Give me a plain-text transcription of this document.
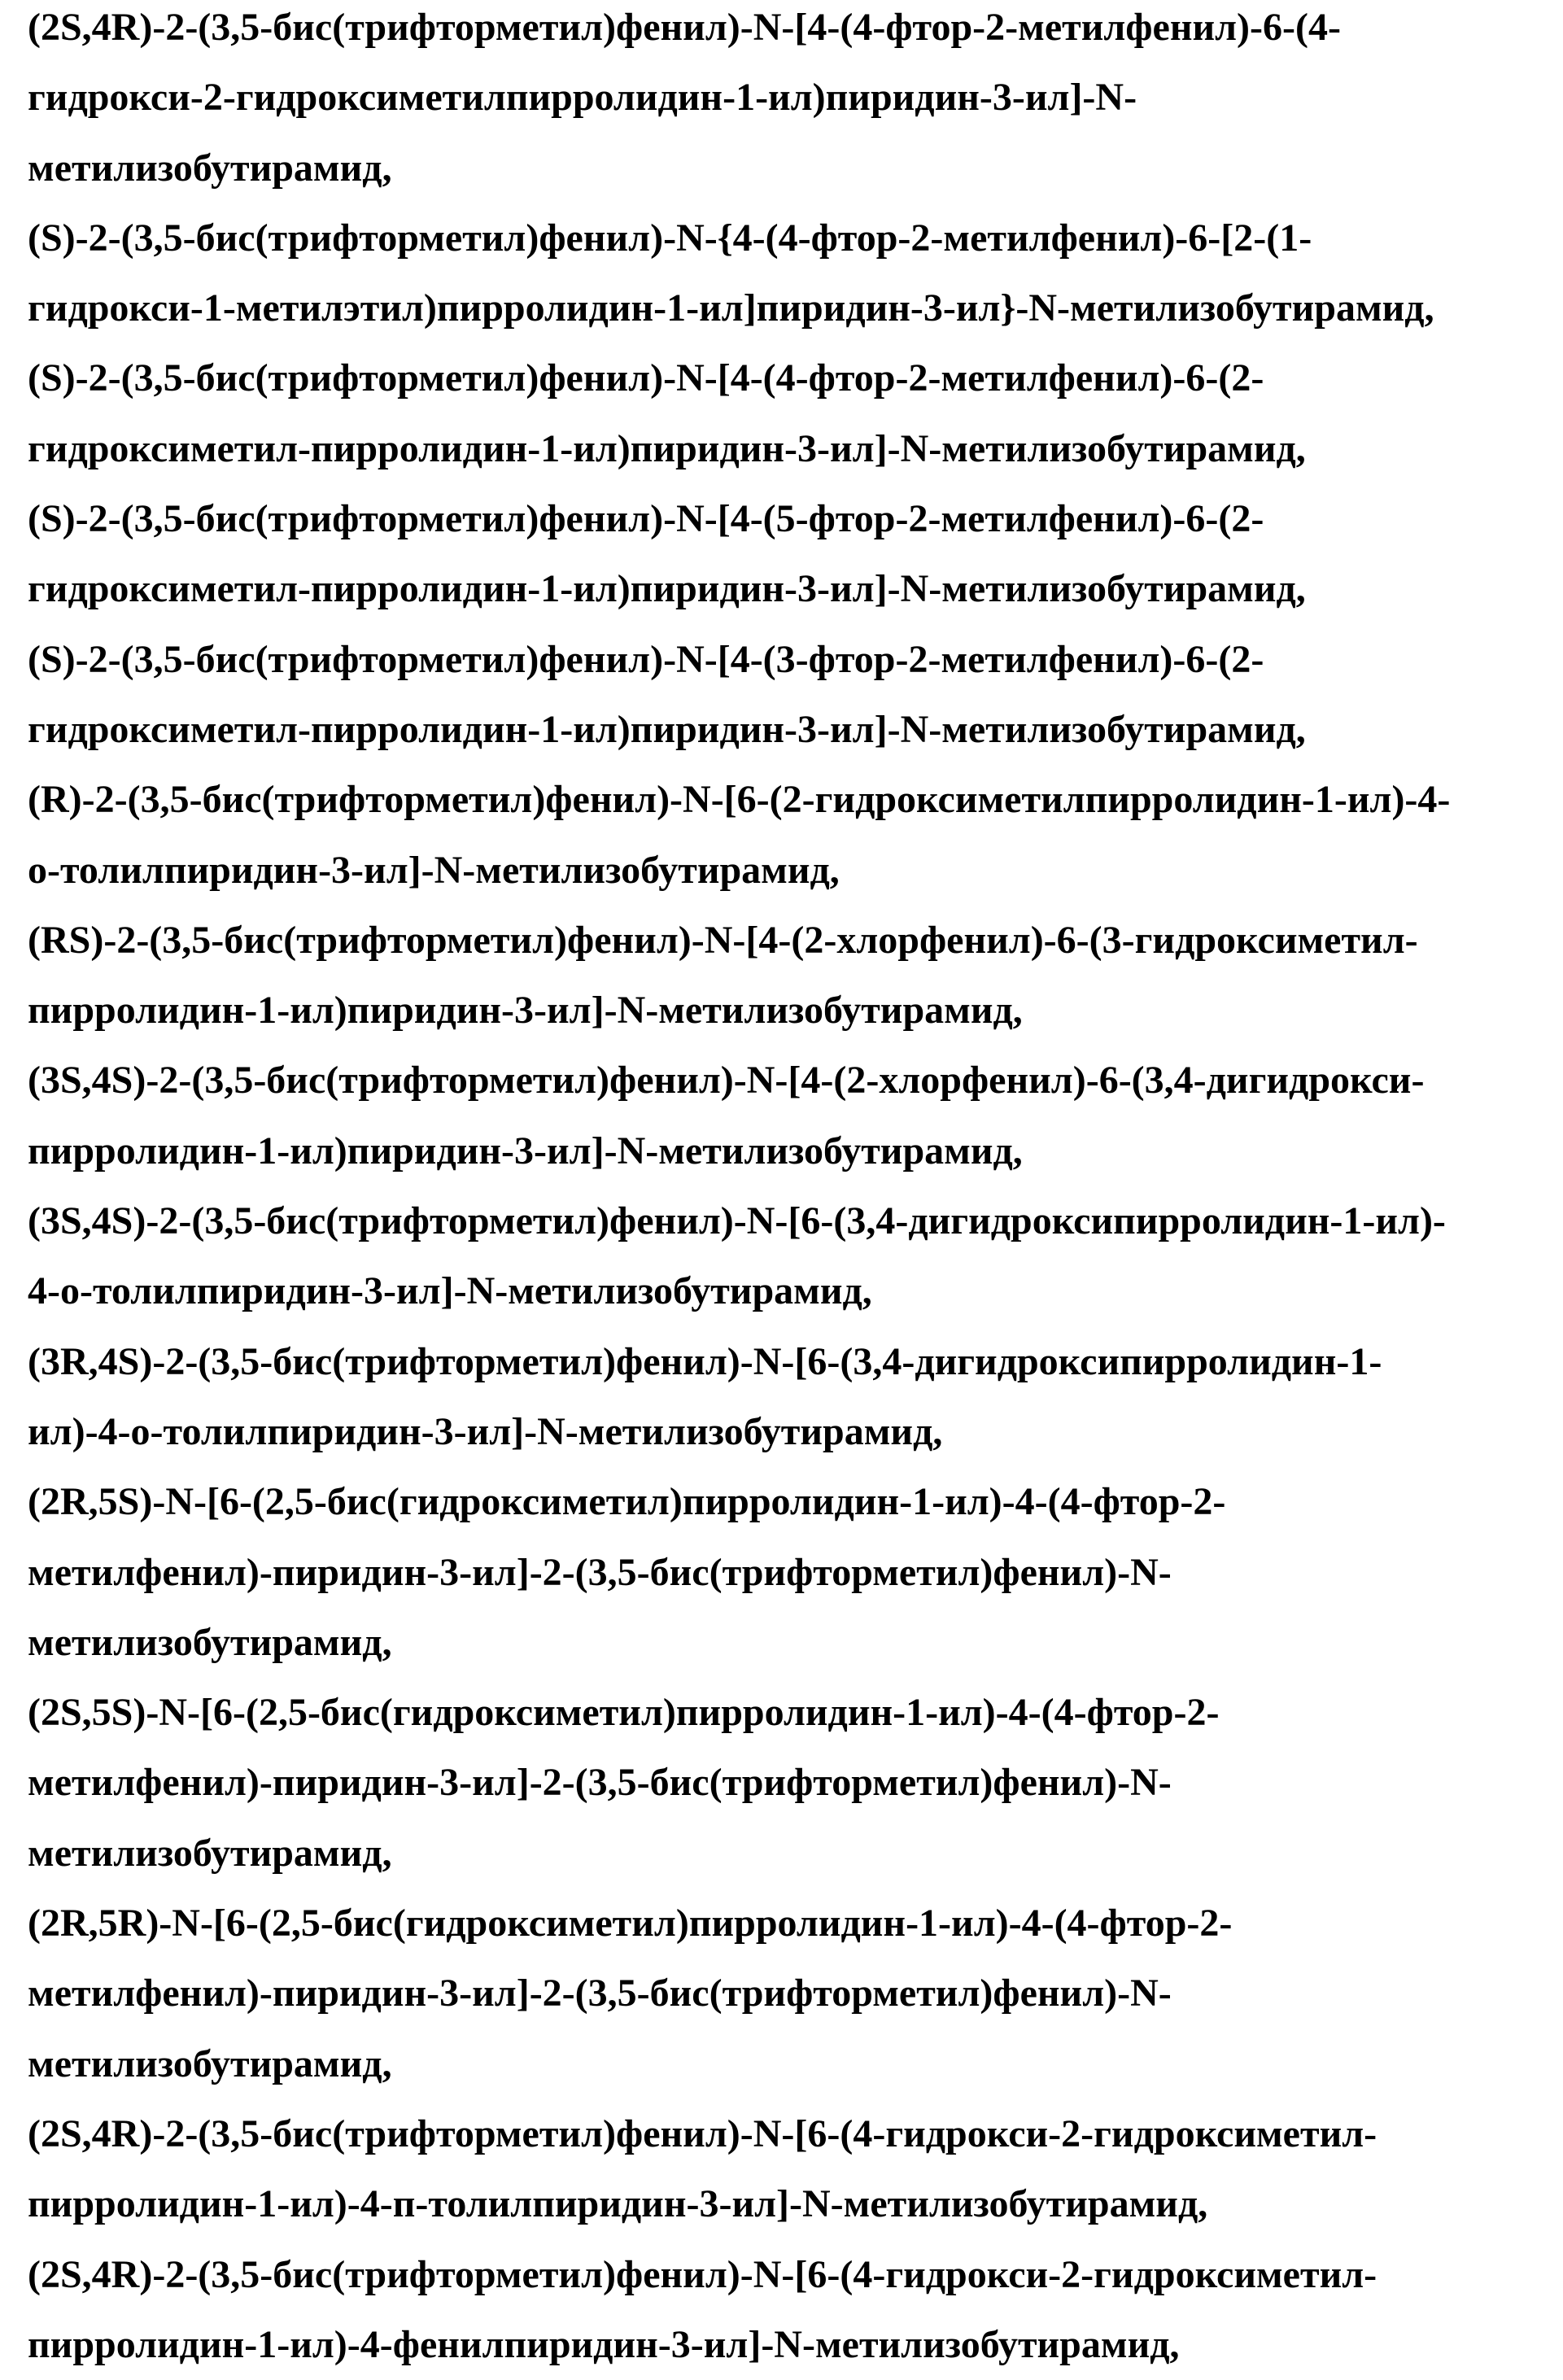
(2S,4R)-2-(3,5-бис(трифторметил)фенил)-N-[4-(4-фтор-2-метилфенил)-6-(4-
гидрокси-2-гидроксиметилпирролидин-1-ил)пиридин-3-ил]-N-
метилизобутирамид,
(S)-2-(3,5-бис(трифторметил)фенил)-N-{4-(4-фтор-2-метилфенил)-6-[2-(1-
гидрокси-1-метилэтил)пирролидин-1-ил]пиридин-3-ил}-N-метилизобутирамид,
(S)-2-(3,5-бис(трифторметил)фенил)-N-[4-(4-фтор-2-метилфенил)-6-(2-
гидроксиметил-пирролидин-1-ил)пиридин-3-ил]-N-метилизобутирамид,
(S)-2-(3,5-бис(трифторметил)фенил)-N-[4-(5-фтор-2-метилфенил)-6-(2-
гидроксиметил-пирролидин-1-ил)пиридин-3-ил]-N-метилизобутирамид,
(S)-2-(3,5-бис(трифторметил)фенил)-N-[4-(3-фтор-2-метилфенил)-6-(2-
гидроксиметил-пирролидин-1-ил)пиридин-3-ил]-N-метилизобутирамид,
(R)-2-(3,5-бис(трифторметил)фенил)-N-[6-(2-гидроксиметилпирролидин-1-ил)-4-
о-толилпиридин-3-ил]-N-метилизобутирамид,
(RS)-2-(3,5-бис(трифторметил)фенил)-N-[4-(2-хлорфенил)-6-(3-гидроксиметил-
пирролидин-1-ил)пиридин-3-ил]-N-метилизобутирамид,
(3S,4S)-2-(3,5-бис(трифторметил)фенил)-N-[4-(2-хлорфенил)-6-(3,4-дигидрокси-
пирролидин-1-ил)пиридин-3-ил]-N-метилизобутирамид,
(3S,4S)-2-(3,5-бис(трифторметил)фенил)-N-[6-(3,4-дигидроксипирролидин-1-ил)-
4-о-толилпиридин-3-ил]-N-метилизобутирамид,
(3R,4S)-2-(3,5-бис(трифторметил)фенил)-N-[6-(3,4-дигидроксипирролидин-1-
ил)-4-о-толилпиридин-3-ил]-N-метилизобутирамид,
(2R,5S)-N-[6-(2,5-бис(гидроксиметил)пирролидин-1-ил)-4-(4-фтор-2-
метилфенил)-пиридин-3-ил]-2-(3,5-бис(трифторметил)фенил)-N-
метилизобутирамид,
(2S,5S)-N-[6-(2,5-бис(гидроксиметил)пирролидин-1-ил)-4-(4-фтор-2-
метилфенил)-пиридин-3-ил]-2-(3,5-бис(трифторметил)фенил)-N-
метилизобутирамид,
(2R,5R)-N-[6-(2,5-бис(гидроксиметил)пирролидин-1-ил)-4-(4-фтор-2-
метилфенил)-пиридин-3-ил]-2-(3,5-бис(трифторметил)фенил)-N-
метилизобутирамид,
(2S,4R)-2-(3,5-бис(трифторметил)фенил)-N-[6-(4-гидрокси-2-гидроксиметил-
пирролидин-1-ил)-4-п-толилпиридин-3-ил]-N-метилизобутирамид,
(2S,4R)-2-(3,5-бис(трифторметил)фенил)-N-[6-(4-гидрокси-2-гидроксиметил-
пирролидин-1-ил)-4-фенилпиридин-3-ил]-N-метилизобутирамид,
